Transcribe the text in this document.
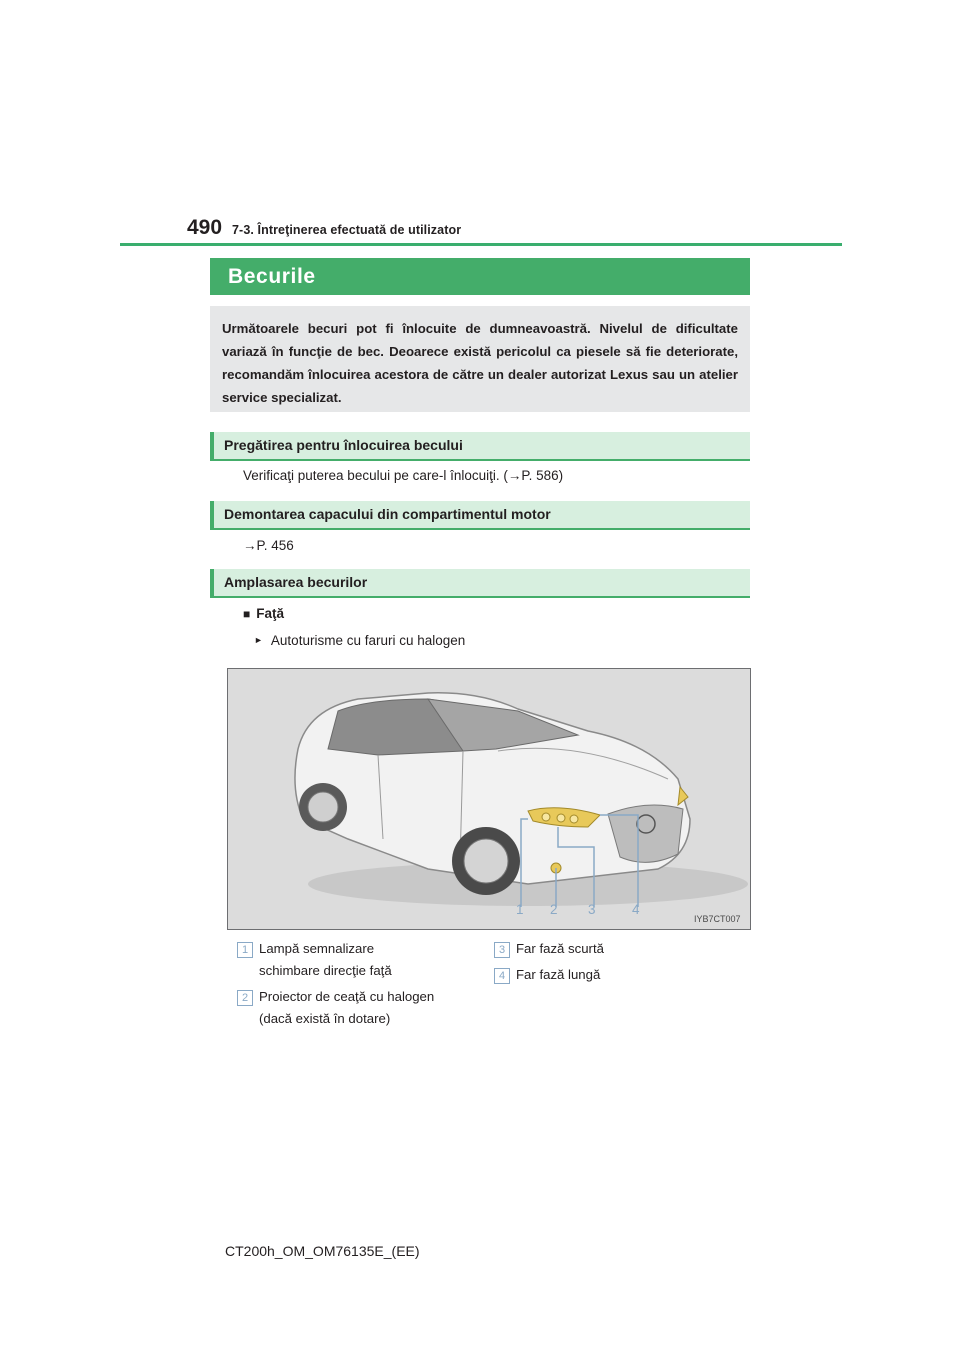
490 7-3. Întreţinerea efectuată de utilizator
Becurile
Următoarele becuri pot fi înlocuite de dumneavoastră. Nivelul de dificultate variază în funcţie de bec. Deoarece există pericolul ca piesele să fie deteriorate, recomandăm înlocuirea acestora de către un dealer autorizat Lexus sau un atelier service specializat.
Pregătirea pentru înlocuirea becului
Verificaţi puterea becului pe care-l înlocuiţi. (→P. 586)
Demontarea capacului din compartimentul motor
→P. 456
Amplasarea becurilor
■ Faţă
► Autoturisme cu faruri cu halogen
1 2 3	4
IYB7CT007
1 Lampă semnalizare
schimbare direcţie faţă
2 Proiector de ceaţă cu halogen
(dacă există în dotare)
3 Far fază scurtă
4 Far fază lungă
CT200h_OM_OM76135E_(EE)
